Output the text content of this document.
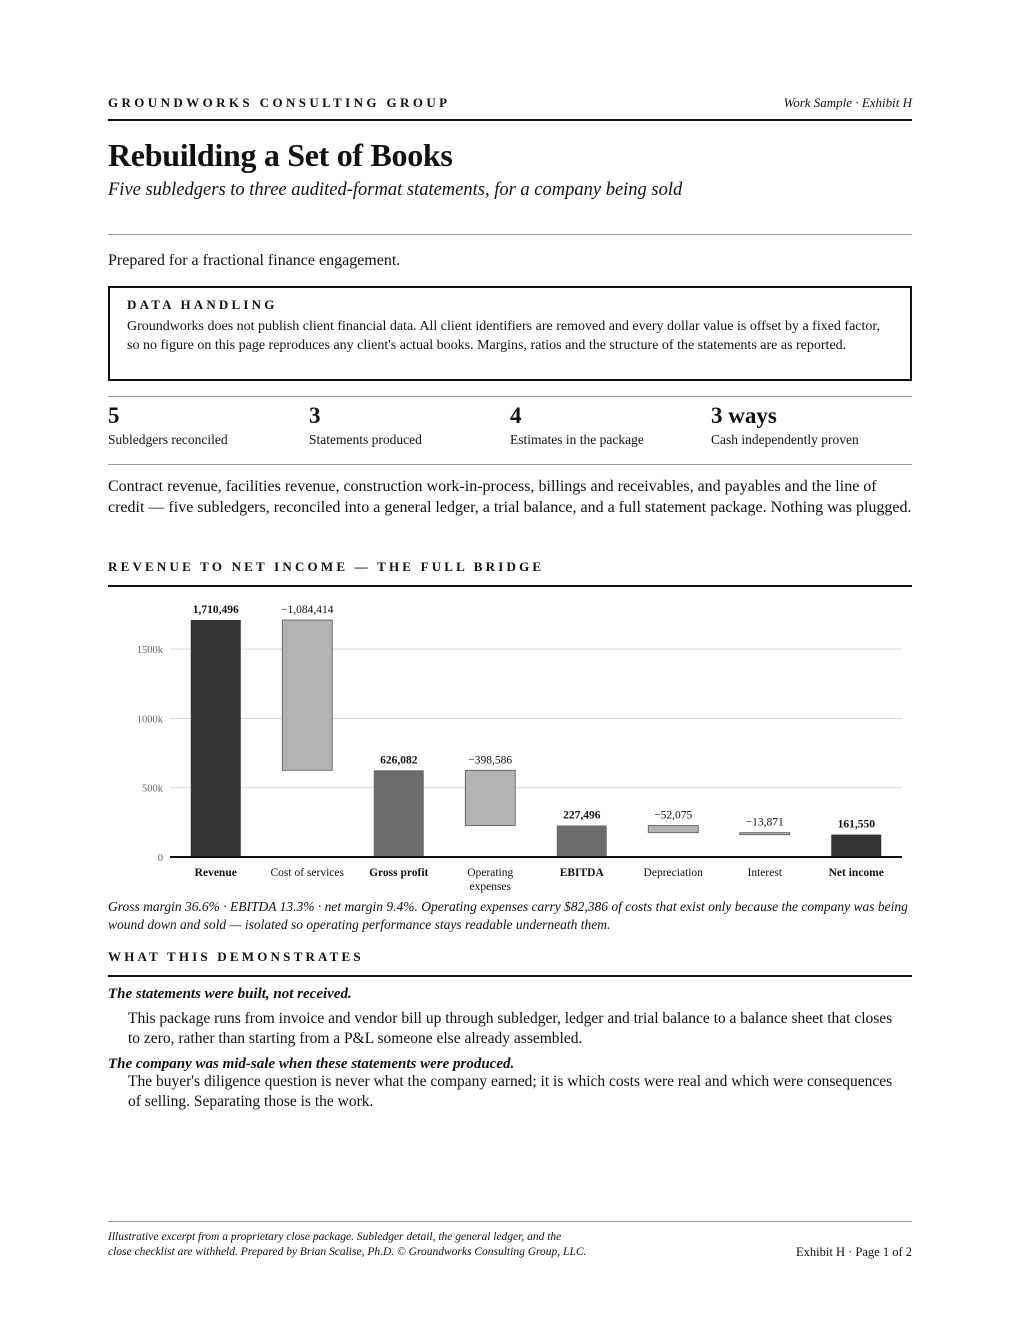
GROUNDWORKS CONSULTING GROUP	Work Sample · Exhibit H
Rebuilding a Set of Books
Five subledgers to three audited-format statements, for a company being sold
Prepared for a fractional finance engagement.
DATA HANDLING
Groundworks does not publish client financial data. All client identifiers are removed and every dollar value is offset by a fixed factor, so no figure on this page reproduces any client's actual books. Margins, ratios and the structure of the statements are as reported.
5
Subledgers reconciled
3
Statements produced
4
Estimates in the package
3 ways
Cash independently proven
Contract revenue, facilities revenue, construction work-in-process, billings and receivables, and payables and the line of credit — five subledgers, reconciled into a general ledger, a trial balance, and a full statement package. Nothing was plugged.
REVENUE TO NET INCOME — THE FULL BRIDGE
0
500k
1000k
1500k
1,710,496
Revenue
−1,084,414
Cost of services
626,082
Gross profit
−398,586
Operating
expenses
227,496
EBITDA
−52,075
Depreciation
−13,871
Interest
161,550
Net income
Gross margin 36.6% · EBITDA 13.3% · net margin 9.4%. Operating expenses carry $82,386 of costs that exist only because the company was being wound down and sold — isolated so operating performance stays readable underneath them.
WHAT THIS DEMONSTRATES
The statements were built, not received.
This package runs from invoice and vendor bill up through subledger, ledger and trial balance to a balance sheet that closes to zero, rather than starting from a P&L someone else already assembled.
The company was mid-sale when these statements were produced.
The buyer's diligence question is never what the company earned; it is which costs were real and which were consequences of selling. Separating those is the work.
Illustrative excerpt from a proprietary close package. Subledger detail, the general ledger, and the
close checklist are withheld. Prepared by Brian Scalise, Ph.D. © Groundworks Consulting Group, LLC.	Exhibit H · Page 1 of 2
